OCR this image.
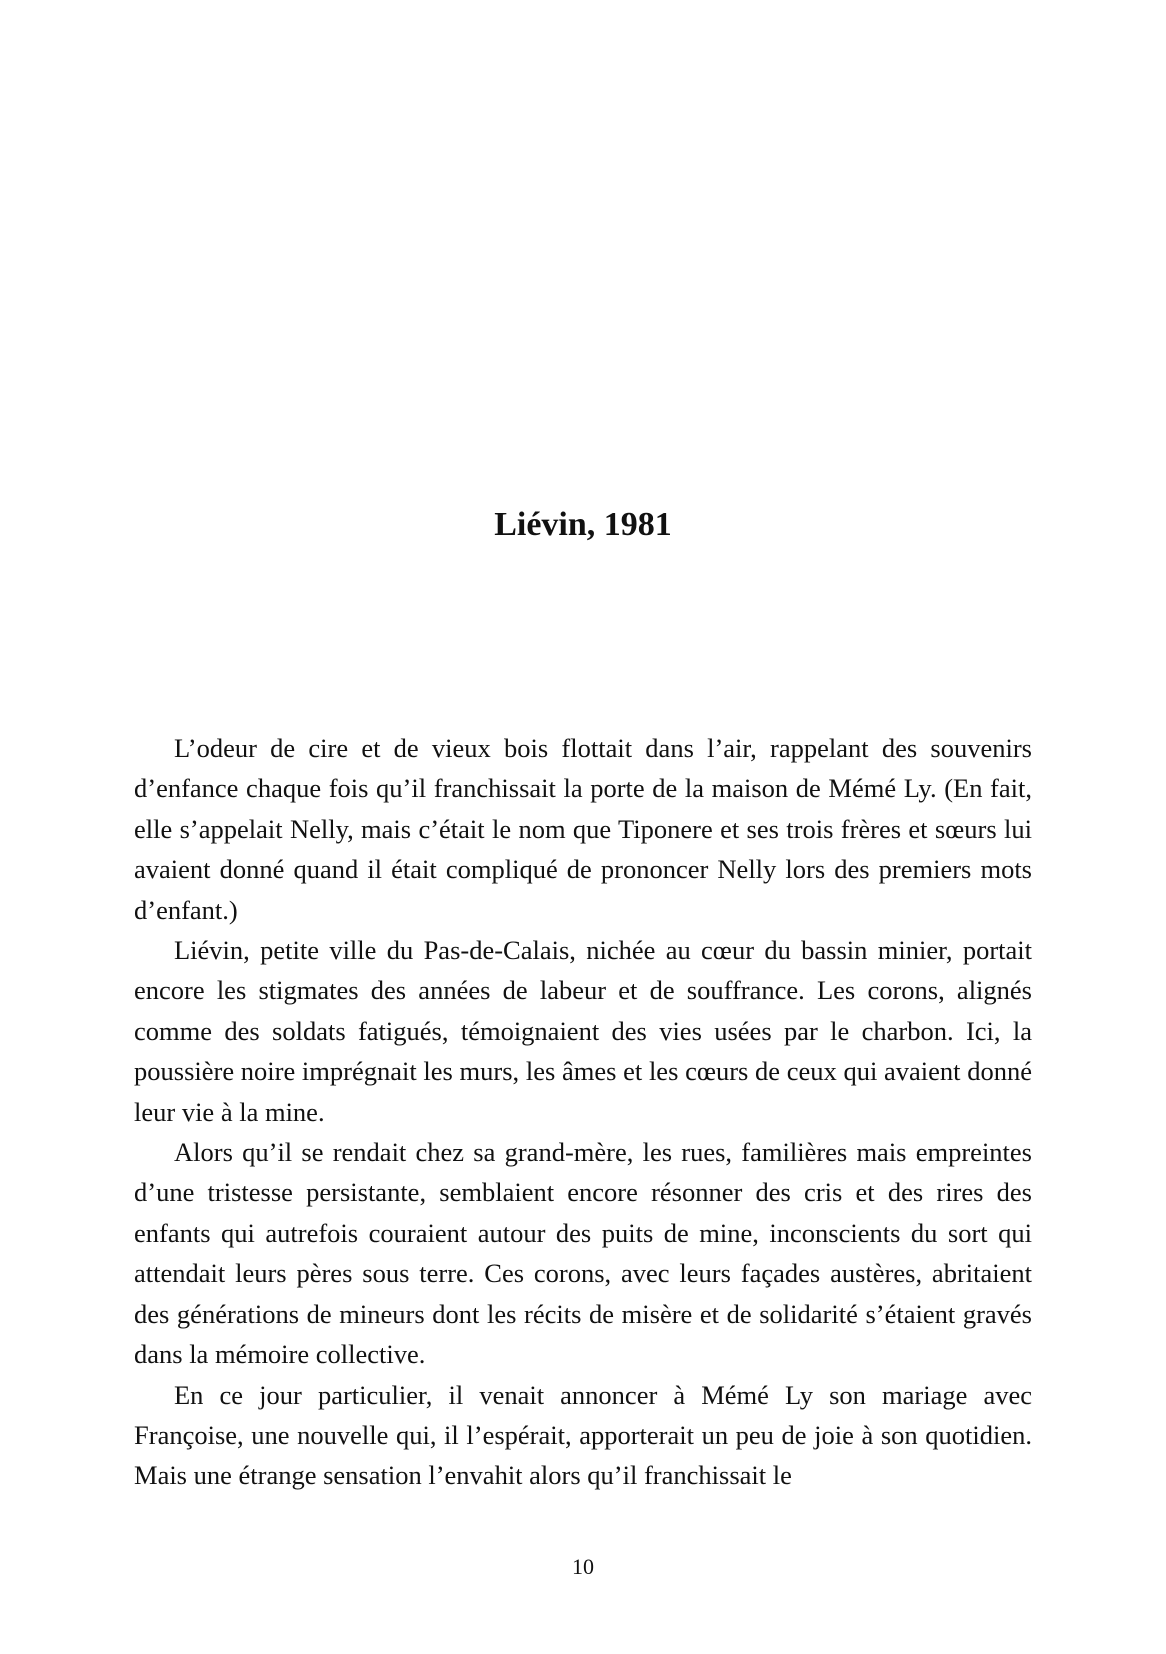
Liévin, 1981

L’odeur de cire et de vieux bois flottait dans l’air, rappelant des souvenirs d’enfance chaque fois qu’il franchissait la porte de la maison de Mémé Ly. (En fait, elle s’appelait Nelly, mais c’était le nom que Tiponere et ses trois frères et sœurs lui avaient donné quand il était compliqué de prononcer Nelly lors des premiers mots d’enfant.)

Liévin, petite ville du Pas-de-Calais, nichée au cœur du bassin minier, portait encore les stigmates des années de labeur et de souffrance. Les corons, alignés comme des soldats fatigués, témoignaient des vies usées par le charbon. Ici, la poussière noire imprégnait les murs, les âmes et les cœurs de ceux qui avaient donné leur vie à la mine.

Alors qu’il se rendait chez sa grand-mère, les rues, familières mais empreintes d’une tristesse persistante, semblaient encore résonner des cris et des rires des enfants qui autrefois couraient autour des puits de mine, inconscients du sort qui attendait leurs pères sous terre. Ces corons, avec leurs façades austères, abritaient des générations de mineurs dont les récits de misère et de solidarité s’étaient gravés dans la mémoire collective.

En ce jour particulier, il venait annoncer à Mémé Ly son mariage avec Françoise, une nouvelle qui, il l’espérait, apporterait un peu de joie à son quotidien. Mais une étrange sensation l’envahit alors qu’il franchissait le

10
